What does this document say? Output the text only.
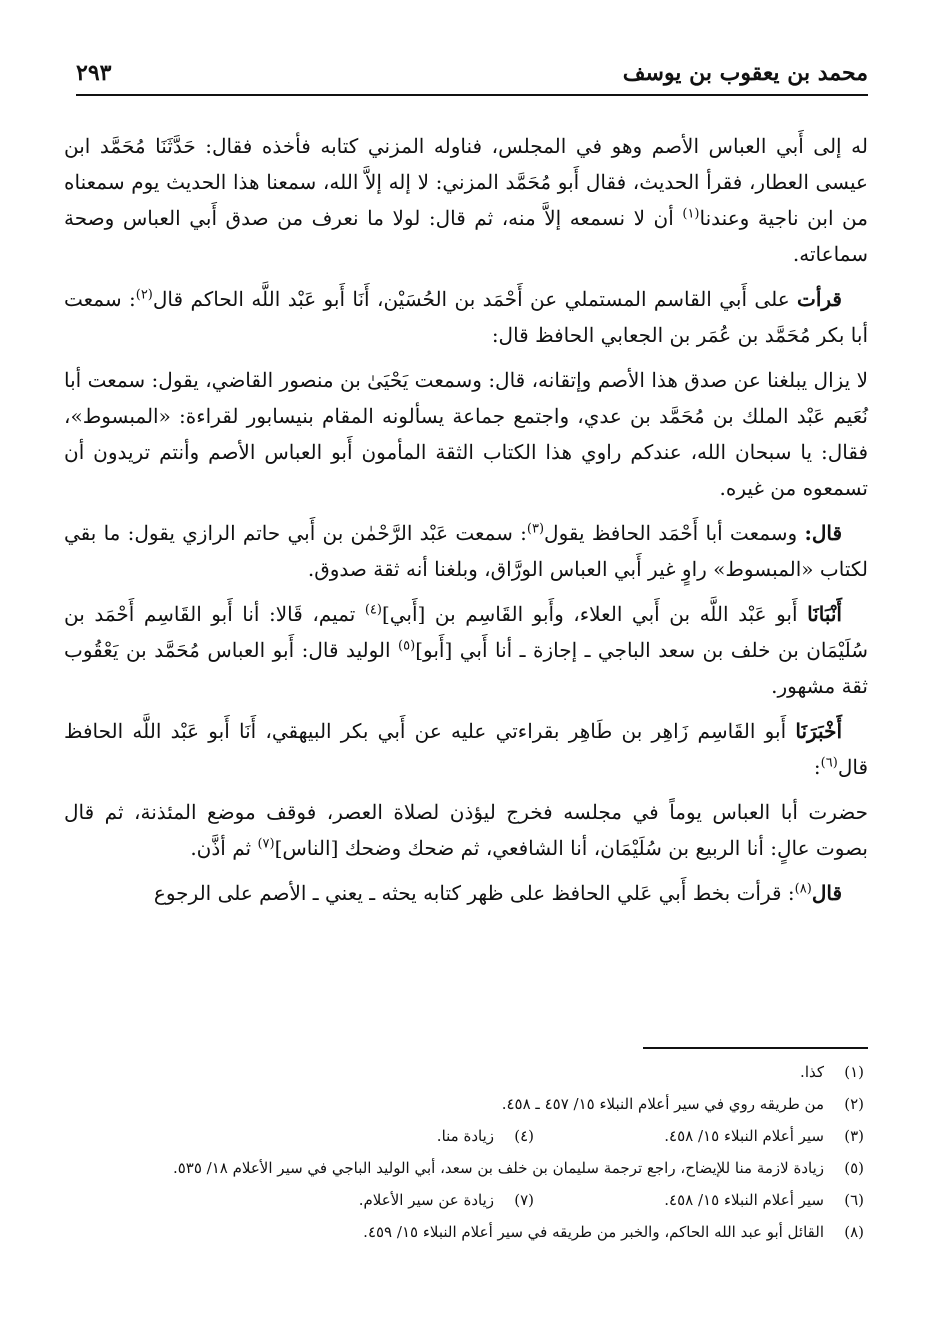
محمد بن يعقوب بن يوسف
٢٩٣

له إلى أَبي العباس الأصم وهو في المجلس، فناوله المزني كتابه فأخذه فقال: حَدَّثَنَا مُحَمَّد ابن عيسى العطار، فقرأ الحديث، فقال أَبو مُحَمَّد المزني: لا إله إلاَّ الله، سمعنا هذا الحديث يوم سمعناه من ابن ناجية وعندنا$^{(١)}$ أن لا نسمعه إلاَّ منه، ثم قال: لولا ما نعرف من صدق أَبي العباس وصحة سماعاته.

قرأت على أَبي القاسم المستملي عن أَحْمَد بن الحُسَيْن، أَنَا أَبو عَبْد اللَّه الحاكم قال$^{(٢)}$: سمعت أبا بكر مُحَمَّد بن عُمَر بن الجعابي الحافظ قال:

لا يزال يبلغنا عن صدق هذا الأصم وإتقانه، قال: وسمعت يَحْيَىٰ بن منصور القاضي، يقول: سمعت أبا نُعَيم عَبْد الملك بن مُحَمَّد بن عدي، واجتمع جماعة يسألونه المقام بنيسابور لقراءة: «المبسوط»، فقال: يا سبحان الله، عندكم راوي هذا الكتاب الثقة المأمون أَبو العباس الأصم وأنتم تريدون أن تسمعوه من غيره.

قال: وسمعت أبا أَحْمَد الحافظ يقول$^{(٣)}$: سمعت عَبْد الرَّحْمٰن بن أَبي حاتم الرازي يقول: ما بقي لكتاب «المبسوط» راوٍ غير أَبي العباس الورَّاق، وبلغنا أنه ثقة صدوق.

أَنْبَانَا أَبو عَبْد اللَّه بن أَبي العلاء، وأَبو القَاسِم بن [أَبي]$^{(٤)}$ تميم، قَالا: أنا أَبو القَاسِم أَحْمَد بن سُلَيْمَان بن خلف بن سعد الباجي ـ إجازة ـ أنا أَبي [أَبو]$^{(٥)}$ الوليد قال: أَبو العباس مُحَمَّد بن يَعْقُوب ثقة مشهور.

أَخْبَرَنَا أَبو القَاسِم زَاهِر بن طَاهِر بقراءتي عليه عن أَبي بكر البيهقي، أَنَا أَبو عَبْد اللَّه الحافظ قال$^{(٦)}$:

حضرت أبا العباس يوماً في مجلسه فخرج ليؤذن لصلاة العصر، فوقف موضع المئذنة، ثم قال بصوت عالٍ: أنا الربيع بن سُلَيْمَان، أنا الشافعي، ثم ضحك وضحك [الناس]$^{(٧)}$ ثم أذَّن.

قال$^{(٨)}$: قرأت بخط أَبي عَلي الحافظ على ظهر كتابه يحثه ـ يعني ـ الأصم على الرجوع

(١)
كذا.
(٢)
من طريقه روي في سير أعلام النبلاء ١٥/ ٤٥٧ ـ ٤٥٨.
(٣)
سير أعلام النبلاء ١٥/ ٤٥٨.
(٤)
زيادة منا.
(٥)
زيادة لازمة منا للإيضاح، راجع ترجمة سليمان بن خلف بن سعد، أبي الوليد الباجي في سير الأعلام ١٨/ ٥٣٥.
(٦)
سير أعلام النبلاء ١٥/ ٤٥٨.
(٧)
زيادة عن سير الأعلام.
(٨)
القائل أبو عبد الله الحاكم، والخبر من طريقه في سير أعلام النبلاء ١٥/ ٤٥٩.
